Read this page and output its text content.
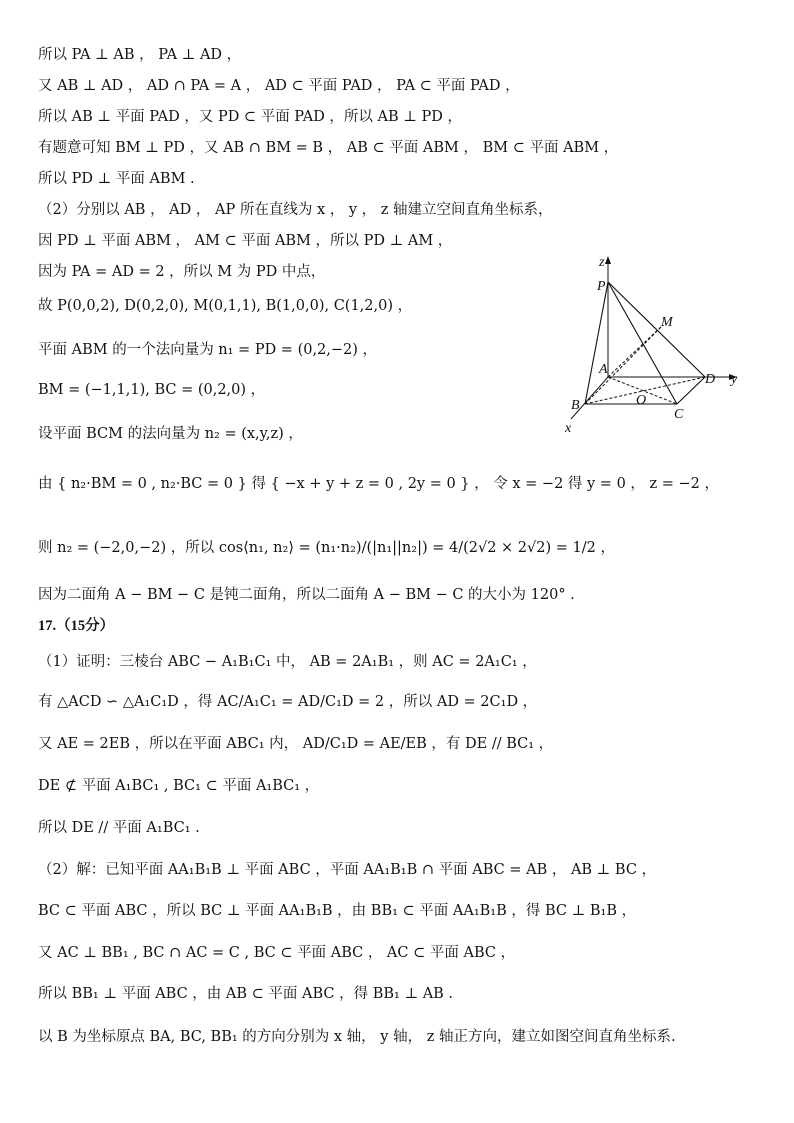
所以 PA ⊥ AB ， PA ⊥ AD ，
又 AB ⊥ AD ， AD ∩ PA = A ， AD ⊂ 平面 PAD ， PA ⊂ 平面 PAD ，
所以 AB ⊥ 平面 PAD ，又 PD ⊂ 平面 PAD ，所以 AB ⊥ PD ，
有题意可知 BM ⊥ PD ，又 AB ∩ BM = B ， AB ⊂ 平面 ABM ， BM ⊂ 平面 ABM ，
所以 PD ⊥ 平面 ABM .
（2）分别以 AB ， AD ， AP 所在直线为 x ， y ， z 轴建立空间直角坐标系，
因 PD ⊥ 平面 ABM ， AM ⊂ 平面 ABM ，所以 PD ⊥ AM ，
因为 PA = AD = 2 ，所以 M 为 PD 中点，
故 P(0,0,2), D(0,2,0), M(0,1,1), B(1,0,0), C(1,2,0) ，
平面 ABM 的一个法向量为 n₁ = PD = (0,2,−2) ，
BM = (−1,1,1), BC = (0,2,0) ，
设平面 BCM 的法向量为 n₂ = (x,y,z) ，
由 { n₂·BM = 0 , n₂·BC = 0 } 得 { −x + y + z = 0 , 2y = 0 } ， 令 x = −2 得 y = 0 ， z = −2 ，
则 n₂ = (−2,0,−2) ，所以 cos⟨n₁, n₂⟩ = (n₁·n₂)/(|n₁||n₂|) = 4/(2√2 × 2√2) = 1/2 ，
因为二面角 A − BM − C 是钝二面角，所以二面角 A − BM − C 的大小为 120° .
17.（15分）
（1）证明：三棱台 ABC − A₁B₁C₁ 中， AB = 2A₁B₁ ，则 AC = 2A₁C₁ ，
有 △ACD ∽ △A₁C₁D ，得 AC/A₁C₁ = AD/C₁D = 2 ，所以 AD = 2C₁D ，
又 AE = 2EB ，所以在平面 ABC₁ 内， AD/C₁D = AE/EB ，有 DE // BC₁ ，
DE ⊄ 平面 A₁BC₁ , BC₁ ⊂ 平面 A₁BC₁ ，
所以 DE // 平面 A₁BC₁ .
（2）解：已知平面 AA₁B₁B ⊥ 平面 ABC ，平面 AA₁B₁B ∩ 平面 ABC = AB ， AB ⊥ BC ，
BC ⊂ 平面 ABC ，所以 BC ⊥ 平面 AA₁B₁B ，由 BB₁ ⊂ 平面 AA₁B₁B ，得 BC ⊥ B₁B ，
又 AC ⊥ BB₁ , BC ∩ AC = C , BC ⊂ 平面 ABC ， AC ⊂ 平面 ABC ，
所以 BB₁ ⊥ 平面 ABC ，由 AB ⊂ 平面 ABC ，得 BB₁ ⊥ AB .
以 B 为坐标原点 BA, BC, BB₁ 的方向分别为 x 轴， y 轴， z 轴正方向，建立如图空间直角坐标系.
z
P
M
A
D y
B	O
C
x
